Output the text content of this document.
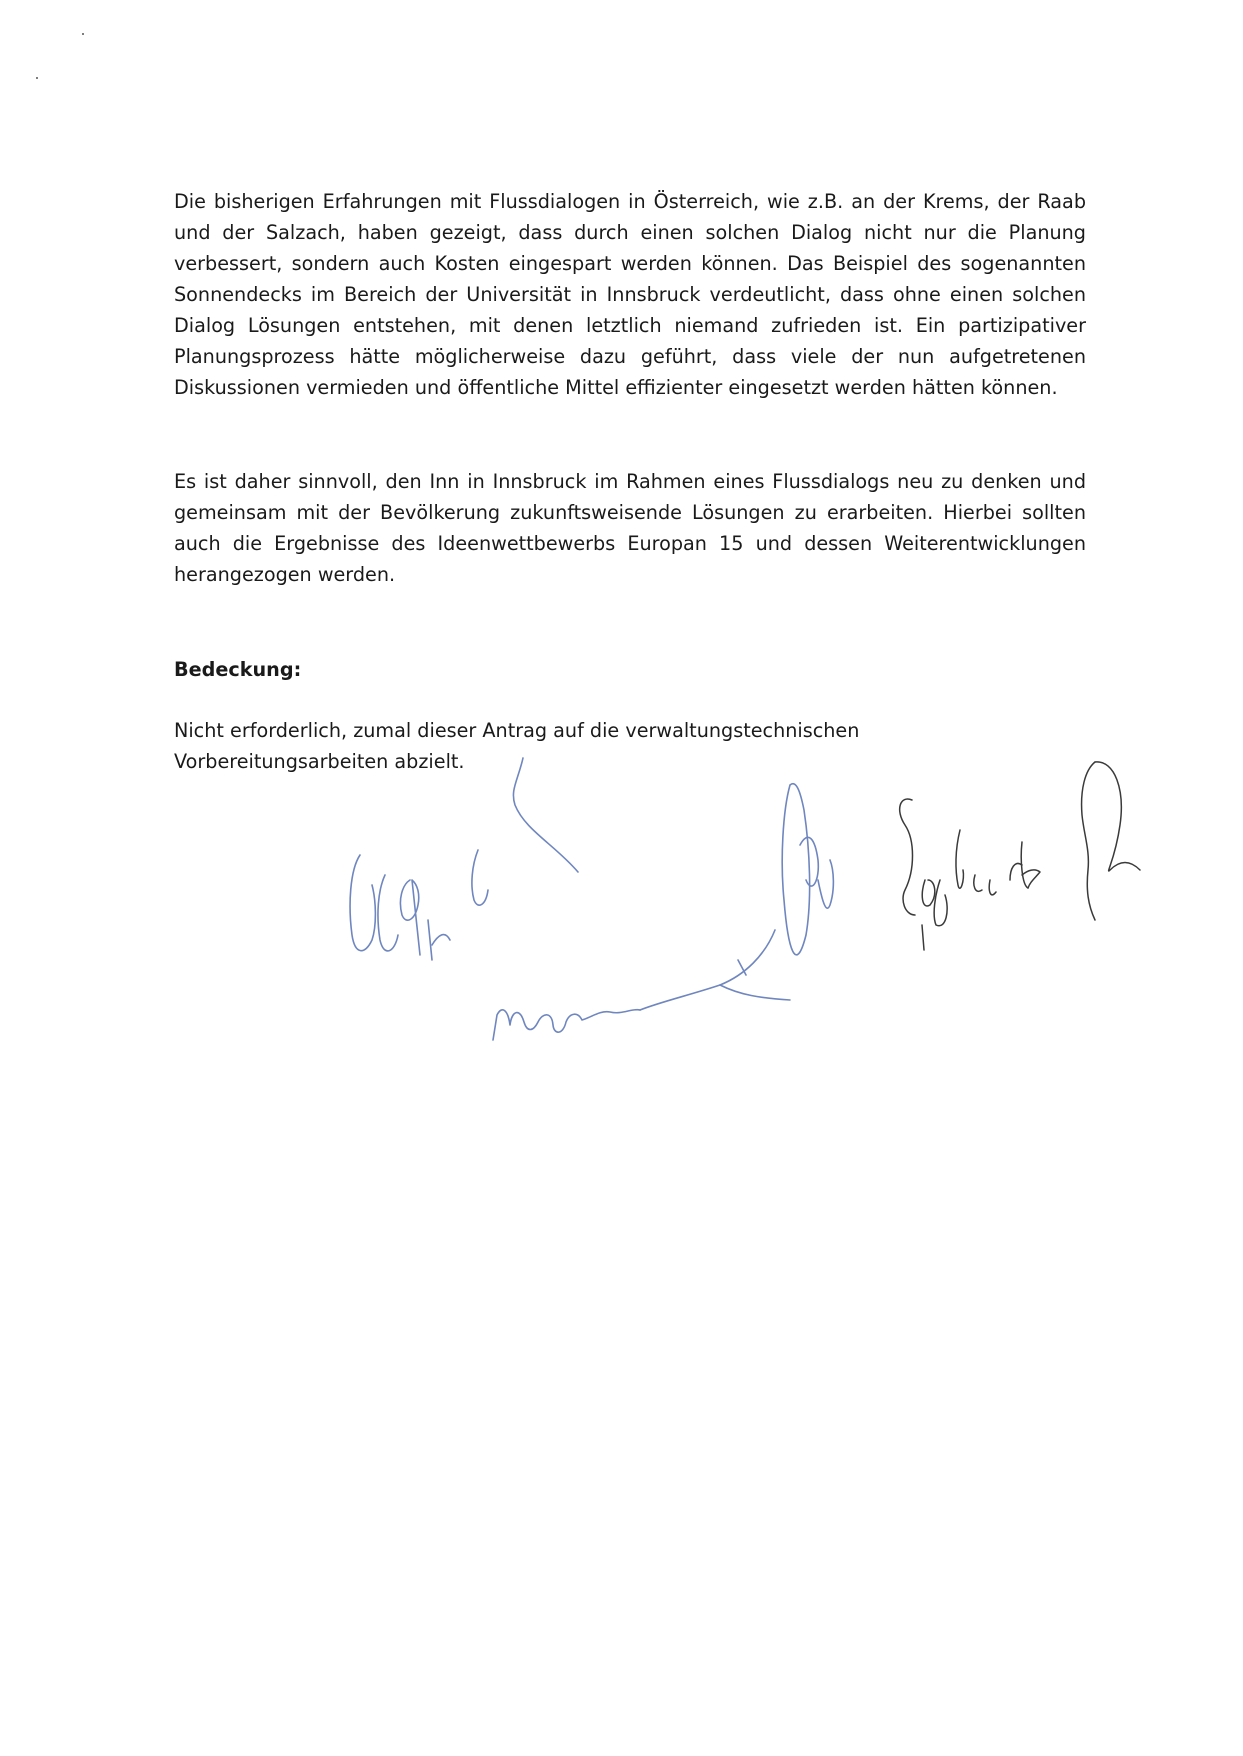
Die bisherigen Erfahrungen mit Flussdialogen in Österreich, wie z.B. an der Krems, der Raab und der Salzach, haben gezeigt, dass durch einen solchen Dialog nicht nur die Planung verbessert, sondern auch Kosten eingespart werden können. Das Beispiel des sogenannten Sonnendecks im Bereich der Universität in Innsbruck verdeutlicht, dass ohne einen solchen Dialog Lösungen entstehen, mit denen letztlich niemand zufrieden ist. Ein partizipativer Planungsprozess hätte möglicherweise dazu geführt, dass viele der nun aufgetretenen Diskussionen vermieden und öffentliche Mittel effizienter eingesetzt werden hätten können.

Es ist daher sinnvoll, den Inn in Innsbruck im Rahmen eines Flussdialogs neu zu denken und gemeinsam mit der Bevölkerung zukunftsweisende Lösungen zu erarbeiten. Hierbei sollten auch die Ergebnisse des Ideenwettbewerbs Europan 15 und dessen Weiterentwicklungen herangezogen werden.

Bedeckung:

Nicht erforderlich, zumal dieser Antrag auf die verwaltungstechnischen
Vorbereitungsarbeiten abzielt.
